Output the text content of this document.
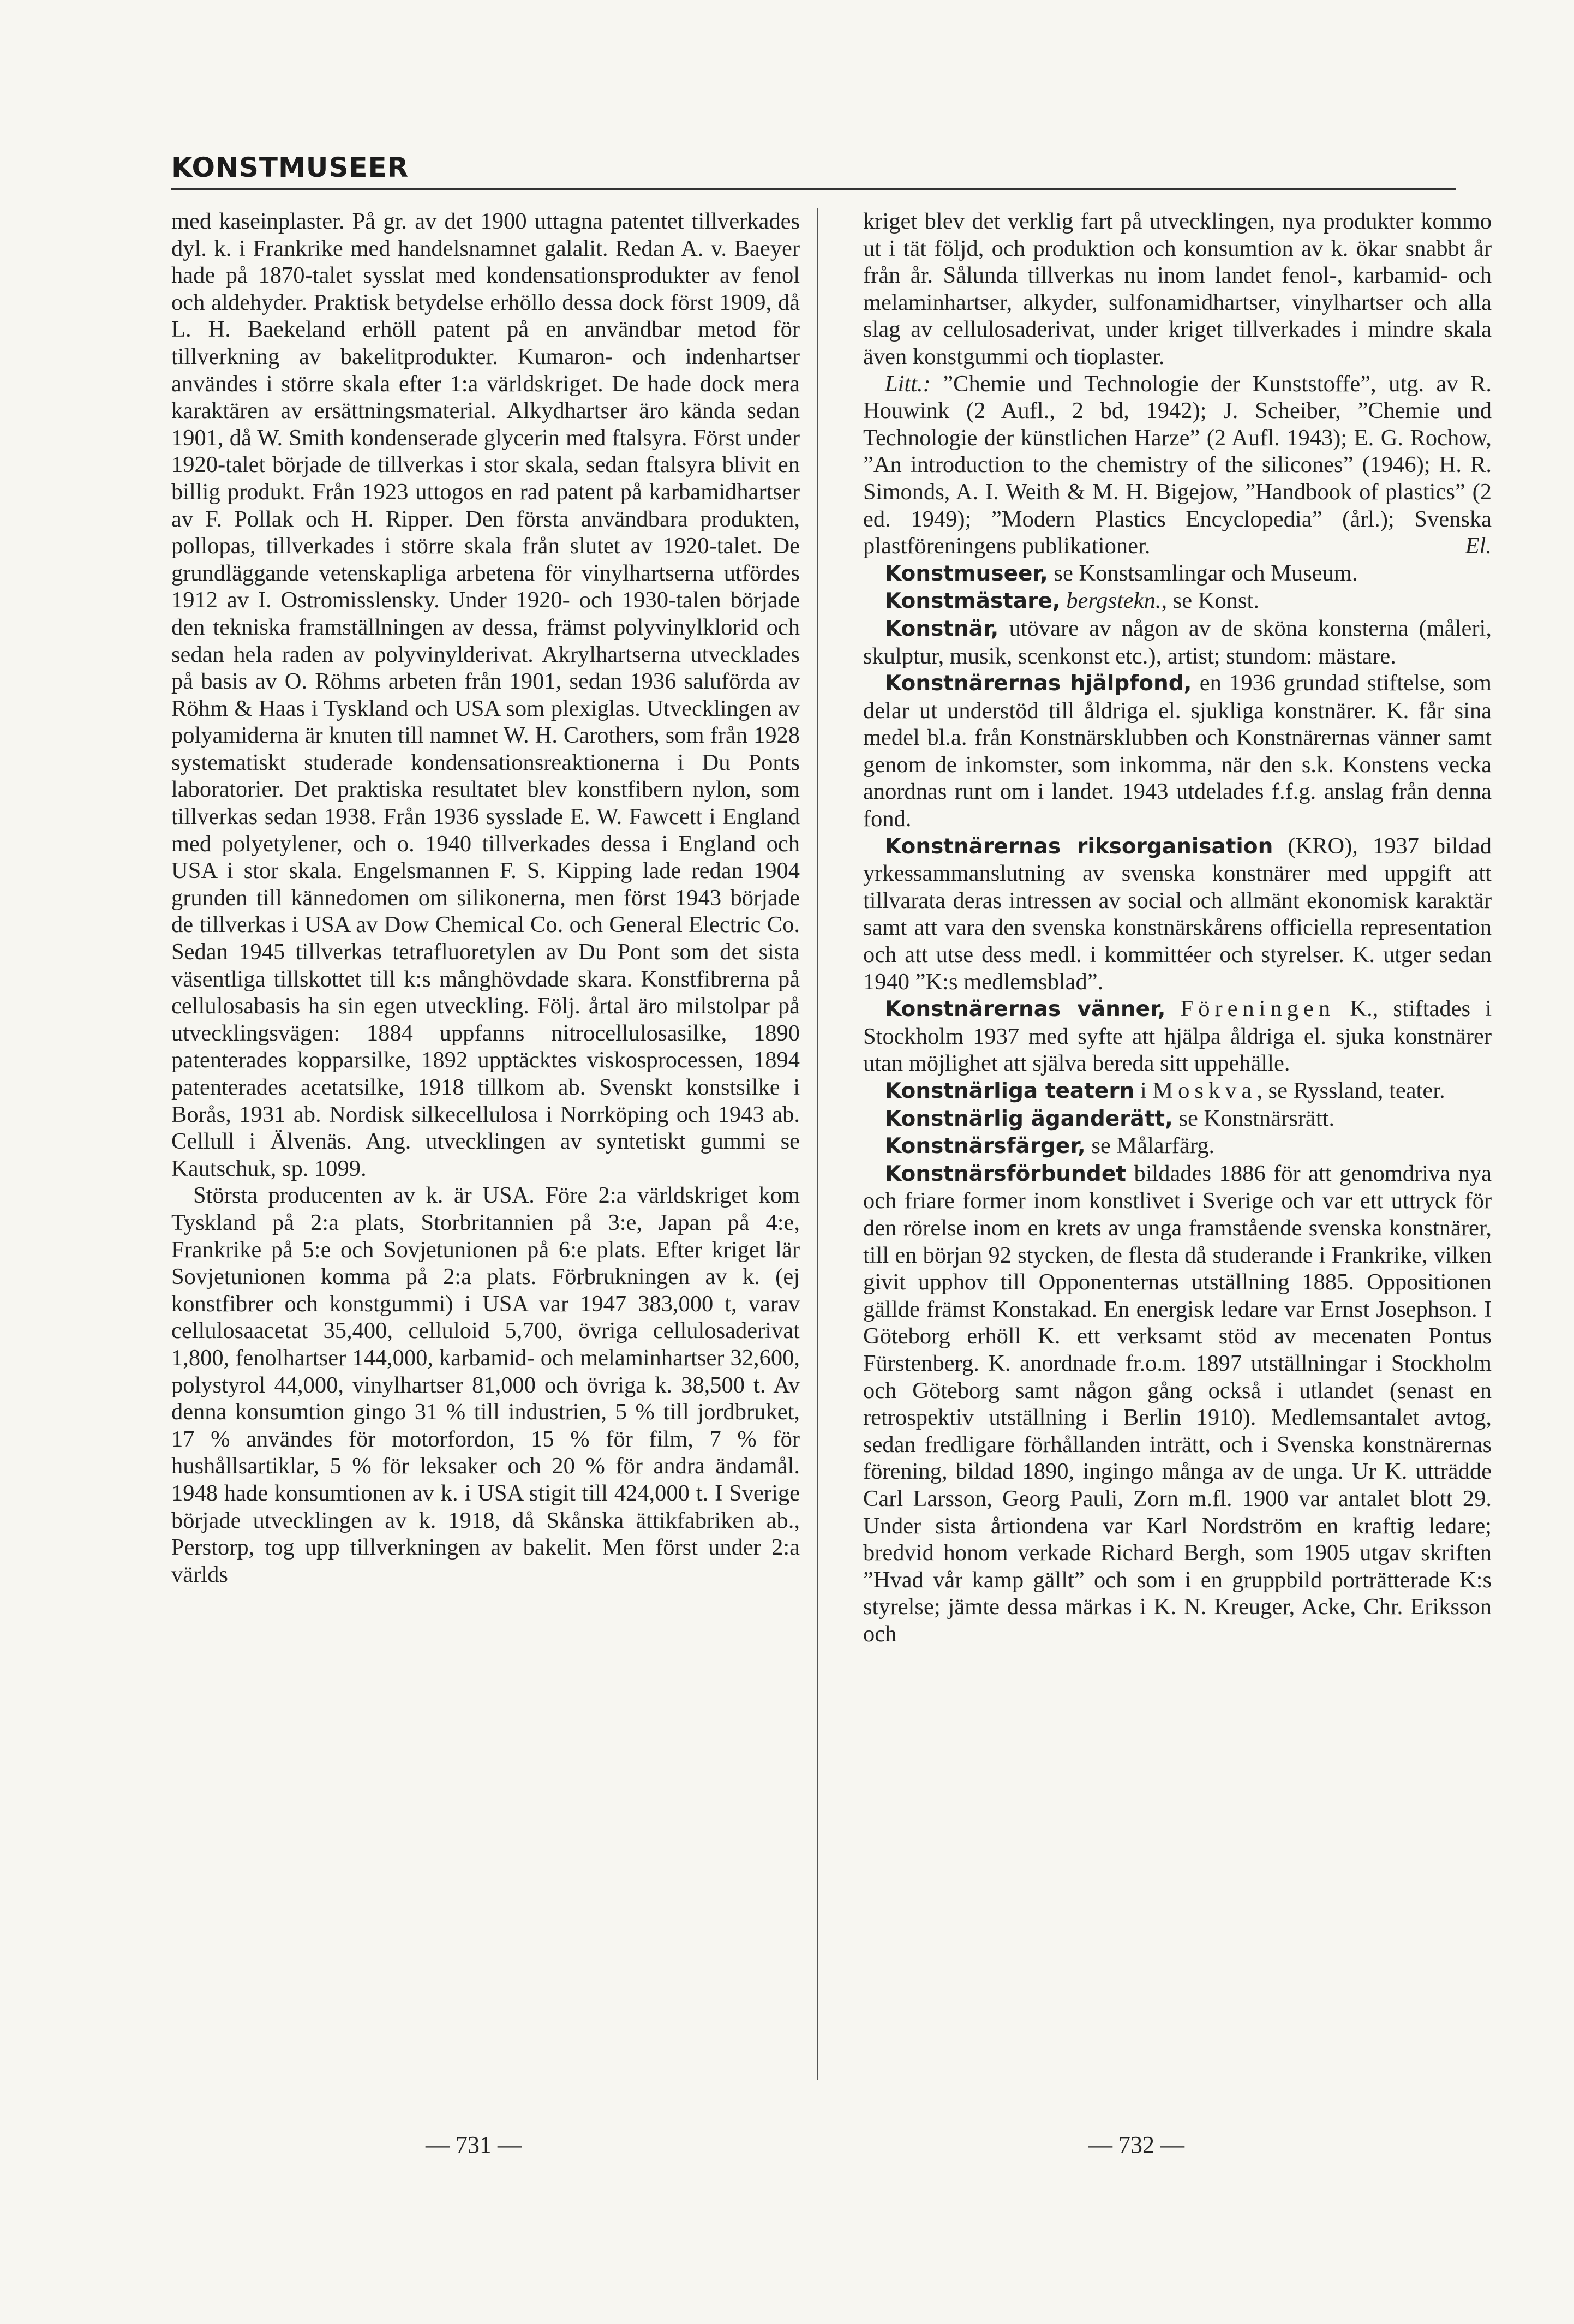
KONSTMUSEER

med kaseinplaster. På gr. av det 1900 uttagna patentet tillverkades dyl. k. i Frankrike med handelsnamnet galalit. Redan A. v. Baeyer hade på 1870-talet sysslat med kondensationsprodukter av fenol och aldehyder. Praktisk betydelse erhöllo dessa dock först 1909, då L. H. Baekeland erhöll patent på en användbar metod för tillverkning av bakelitprodukter. Kumaron- och indenhartser användes i större skala efter 1:a världskriget. De hade dock mera karaktären av ersättningsmaterial. Alkydhartser äro kända sedan 1901, då W. Smith kondenserade glycerin med ftalsyra. Först under 1920-talet började de tillverkas i stor skala, sedan ftalsyra blivit en billig produkt. Från 1923 uttogos en rad patent på karbamidhartser av F. Pollak och H. Ripper. Den första användbara produkten, pollopas, tillverkades i större skala från slutet av 1920-talet. De grundläggande vetenskapliga arbetena för vinylhartserna utfördes 1912 av I. Ostromisslensky. Under 1920- och 1930-talen började den tekniska framställningen av dessa, främst polyvinylklorid och sedan hela raden av polyvinylderivat. Akrylhartserna utvecklades på basis av O. Röhms arbeten från 1901, sedan 1936 saluförda av Röhm & Haas i Tyskland och USA som plexiglas. Utvecklingen av polyamiderna är knuten till namnet W. H. Carothers, som från 1928 systematiskt studerade kondensationsreaktionerna i Du Ponts laboratorier. Det praktiska resultatet blev konstfibern nylon, som tillverkas sedan 1938. Från 1936 sysslade E. W. Fawcett i England med polyetylener, och o. 1940 tillverkades dessa i England och USA i stor skala. Engelsmannen F. S. Kipping lade redan 1904 grunden till kännedomen om silikonerna, men först 1943 började de tillverkas i USA av Dow Chemical Co. och General Electric Co. Sedan 1945 tillverkas tetrafluoretylen av Du Pont som det sista väsentliga tillskottet till k:s månghövdade skara. Konstfibrerna på cellulosabasis ha sin egen utveckling. Följ. årtal äro milstolpar på utvecklingsvägen: 1884 uppfanns nitrocellulosasilke, 1890 patenterades kopparsilke, 1892 upptäcktes viskosprocessen, 1894 patenterades acetatsilke, 1918 tillkom ab. Svenskt konstsilke i Borås, 1931 ab. Nordisk silkecellulosa i Norrköping och 1943 ab. Cellull i Älvenäs. Ang. utvecklingen av syntetiskt gummi se Kautschuk, sp. 1099.

Största producenten av k. är USA. Före 2:a världskriget kom Tyskland på 2:a plats, Storbritannien på 3:e, Japan på 4:e, Frankrike på 5:e och Sovjetunionen på 6:e plats. Efter kriget lär Sovjetunionen komma på 2:a plats. Förbrukningen av k. (ej konstfibrer och konstgummi) i USA var 1947 383,000 t, varav cellulosaacetat 35,400, celluloid 5,700, övriga cellulosaderivat 1,800, fenolhartser 144,000, karbamid- och melaminhartser 32,600, polystyrol 44,000, vinylhartser 81,000 och övriga k. 38,500 t. Av denna konsumtion gingo 31 % till industrien, 5 % till jordbruket, 17 % användes för motorfordon, 15 % för film, 7 % för hushållsartiklar, 5 % för leksaker och 20 % för andra ändamål. 1948 hade konsumtionen av k. i USA stigit till 424,000 t. I Sverige började utvecklingen av k. 1918, då Skånska ättikfabriken ab., Perstorp, tog upp tillverkningen av bakelit. Men först under 2:a världs

kriget blev det verklig fart på utvecklingen, nya produkter kommo ut i tät följd, och produktion och konsumtion av k. ökar snabbt år från år. Sålunda tillverkas nu inom landet fenol-, karbamid- och melaminhartser, alkyder, sulfonamidhartser, vinylhartser och alla slag av cellulosaderivat, under kriget tillverkades i mindre skala även konstgummi och tioplaster.

Litt.: ”Chemie und Technologie der Kunststoffe”, utg. av R. Houwink (2 Aufl., 2 bd, 1942); J. Scheiber, ”Chemie und Technologie der künstlichen Harze” (2 Aufl. 1943); E. G. Rochow, ”An introduction to the chemistry of the silicones” (1946); H. R. Simonds, A. I. Weith & M. H. Bigejow, ”Handbook of plastics” (2 ed. 1949); ”Modern Plastics Encyclopedia” (årl.); Svenska plastföreningens publikationer.	El.

Konstmuseer, se Konstsamlingar och Museum.

Konstmästare, bergstekn., se Konst.

Konstnär, utövare av någon av de sköna konsterna (måleri, skulptur, musik, scenkonst etc.), artist; stundom: mästare.

Konstnärernas hjälpfond, en 1936 grundad stiftelse, som delar ut understöd till åldriga el. sjukliga konstnärer. K. får sina medel bl.a. från Konstnärsklubben och Konstnärernas vänner samt genom de inkomster, som inkomma, när den s.k. Konstens vecka anordnas runt om i landet. 1943 utdelades f.f.g. anslag från denna fond.

Konstnärernas riksorganisation (KRO), 1937 bildad yrkessammanslutning av svenska konstnärer med uppgift att tillvarata deras intressen av social och allmänt ekonomisk karaktär samt att vara den svenska konstnärskårens officiella representation och att utse dess medl. i kommittéer och styrelser. K. utger sedan 1940 ”K:s medlemsblad”.

Konstnärernas vänner, Föreningen K., stiftades i Stockholm 1937 med syfte att hjälpa åldriga el. sjuka konstnärer utan möjlighet att själva bereda sitt uppehälle.

Konstnärliga teatern i Moskva, se Ryssland, teater.

Konstnärlig äganderätt, se Konstnärsrätt.

Konstnärsfärger, se Målarfärg.

Konstnärsförbundet bildades 1886 för att genomdriva nya och friare former inom konstlivet i Sverige och var ett uttryck för den rörelse inom en krets av unga framstående svenska konstnärer, till en början 92 stycken, de flesta då studerande i Frankrike, vilken givit upphov till Opponenternas utställning 1885. Oppositionen gällde främst Konstakad. En energisk ledare var Ernst Josephson. I Göteborg erhöll K. ett verksamt stöd av mecenaten Pontus Fürstenberg. K. anordnade fr.o.m. 1897 utställningar i Stockholm och Göteborg samt någon gång också i utlandet (senast en retrospektiv utställning i Berlin 1910). Medlemsantalet avtog, sedan fredligare förhållanden inträtt, och i Svenska konstnärernas förening, bildad 1890, ingingo många av de unga. Ur K. utträdde Carl Larsson, Georg Pauli, Zorn m.fl. 1900 var antalet blott 29. Under sista årtiondena var Karl Nordström en kraftig ledare; bredvid honom verkade Richard Bergh, som 1905 utgav skriften ”Hvad vår kamp gällt” och som i en gruppbild porträtterade K:s styrelse; jämte dessa märkas i K. N. Kreuger, Acke, Chr. Eriksson och

— 731 —	— 732 —
